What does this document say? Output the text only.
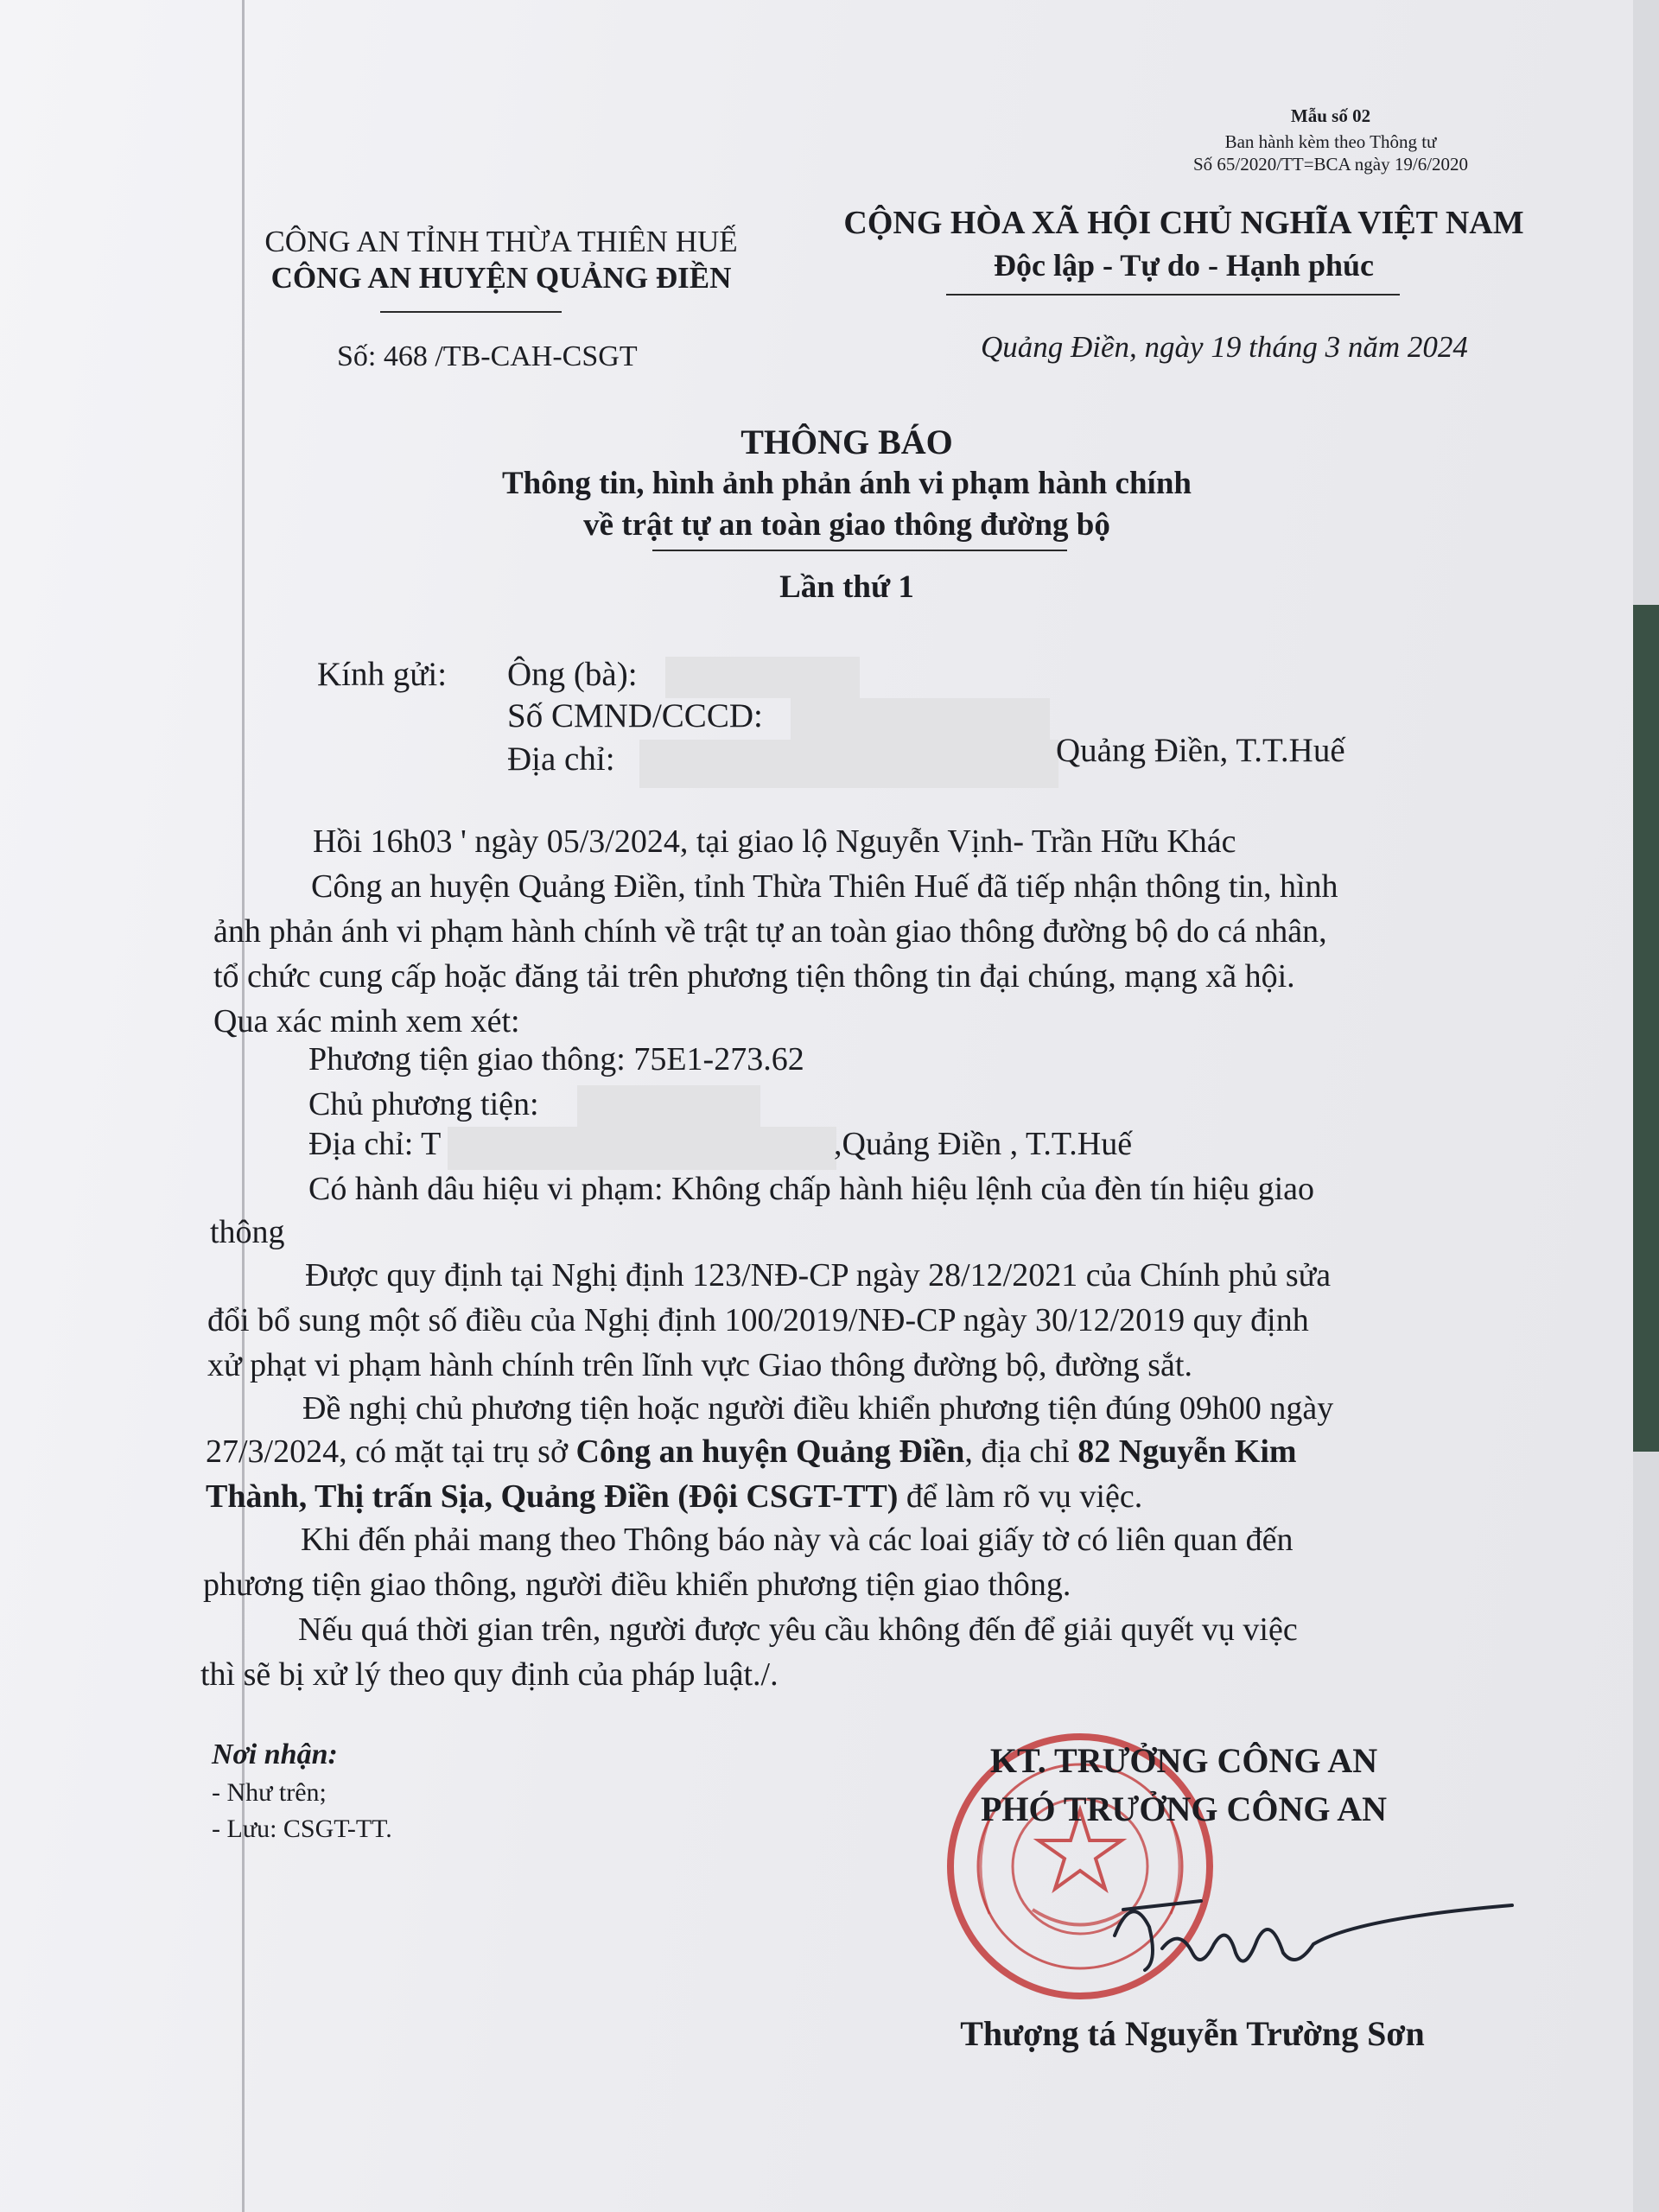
Mẫu số 02
Ban hành kèm theo Thông tư
Số 65/2020/TT=BCA ngày 19/6/2020
CÔNG AN TỈNH THỪA THIÊN HUẾ
CÔNG AN HUYỆN QUẢNG ĐIỀN
CỘNG HÒA XÃ HỘI CHỦ NGHĨA VIỆT NAM
Độc lập - Tự do - Hạnh phúc
Số: 468 /TB-CAH-CSGT	Quảng Điền, ngày 19 tháng 3 năm 2024
THÔNG BÁO
Thông tin, hình ảnh phản ánh vi phạm hành chính
về trật tự an toàn giao thông đường bộ
Lần thứ 1
Kính gửi: Ông (bà):
Số CMND/CCCD:
Địa chỉ:	Quảng Điền, T.T.Huế
Hồi 16h03 ' ngày 05/3/2024, tại giao lộ Nguyễn Vịnh- Trần Hữu Khác
Công an huyện Quảng Điền, tỉnh Thừa Thiên Huế đã tiếp nhận thông tin, hình
ảnh phản ánh vi phạm hành chính về trật tự an toàn giao thông đường bộ do cá nhân,
tổ chức cung cấp hoặc đăng tải trên phương tiện thông tin đại chúng, mạng xã hội.
Qua xác minh xem xét:
Phương tiện giao thông: 75E1-273.62
Chủ phương tiện:
Địa chỉ: T	,Quảng Điền , T.T.Huế
Có hành dâu hiệu vi phạm: Không chấp hành hiệu lệnh của đèn tín hiệu giao
thông
Được quy định tại Nghị định 123/NĐ-CP ngày 28/12/2021 của Chính phủ sửa
đổi bổ sung một số điều của Nghị định 100/2019/NĐ-CP ngày 30/12/2019 quy định
xử phạt vi phạm hành chính trên lĩnh vực Giao thông đường bộ, đường sắt.
Đề nghị chủ phương tiện hoặc người điều khiển phương tiện đúng 09h00 ngày
27/3/2024, có mặt tại trụ sở Công an huyện Quảng Điền, địa chỉ 82 Nguyễn Kim
Thành, Thị trấn Sịa, Quảng Điền (Đội CSGT-TT) để làm rõ vụ việc.
Khi đến phải mang theo Thông báo này và các loai giấy tờ có liên quan đến
phương tiện giao thông, người điều khiển phương tiện giao thông.
Nếu quá thời gian trên, người được yêu cầu không đến để giải quyết vụ việc
thì sẽ bị xử lý theo quy định của pháp luật./.
Nơi nhận:
- Như trên;
- Lưu: CSGT-TT.
KT. TRƯỞNG CÔNG AN
PHÓ TRƯỞNG CÔNG AN
Thượng tá Nguyễn Trường Sơn
